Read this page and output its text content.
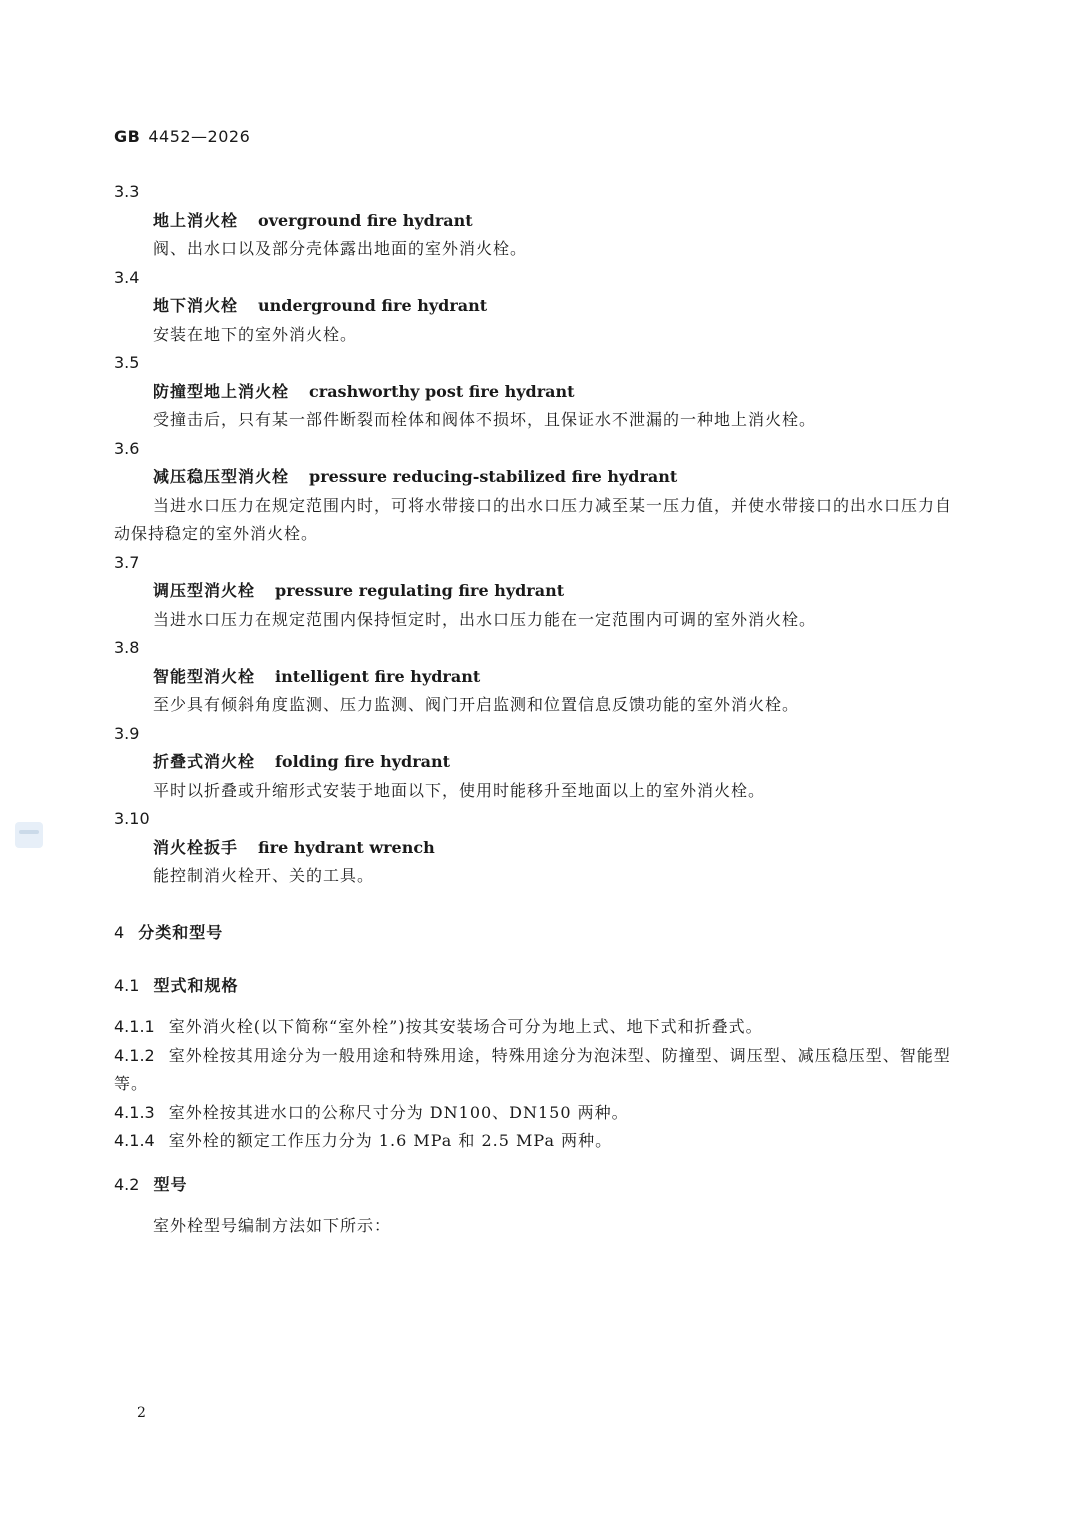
GB 4452—2026
3.3
地上消火栓 overground fire hydrant

阀、出水口以及部分壳体露出地面的室外消火栓。

3.4
地下消火栓 underground fire hydrant

安装在地下的室外消火栓。

3.5
防撞型地上消火栓 crashworthy post fire hydrant

受撞击后，只有某一部件断裂而栓体和阀体不损坏，且保证水不泄漏的一种地上消火栓。

3.6
减压稳压型消火栓 pressure reducing-stabilized fire hydrant

当进水口压力在规定范围内时，可将水带接口的出水口压力减至某一压力值，并使水带接口的出水口压力自动保持稳定的室外消火栓。

3.7
调压型消火栓 pressure regulating fire hydrant

当进水口压力在规定范围内保持恒定时，出水口压力能在一定范围内可调的室外消火栓。

3.8
智能型消火栓 intelligent fire hydrant

至少具有倾斜角度监测、压力监测、阀门开启监测和位置信息反馈功能的室外消火栓。

3.9
折叠式消火栓 folding fire hydrant

平时以折叠或升缩形式安装于地面以下，使用时能移升至地面以上的室外消火栓。

3.10
消火栓扳手 fire hydrant wrench

能控制消火栓开、关的工具。

4 分类和型号
4.1 型式和规格

4.1.1 室外消火栓(以下简称“室外栓”)按其安装场合可分为地上式、地下式和折叠式。

4.1.2 室外栓按其用途分为一般用途和特殊用途，特殊用途分为泡沫型、防撞型、调压型、减压稳压型、智能型等。

4.1.3 室外栓按其进水口的公称尺寸分为 DN100、DN150 两种。

4.1.4 室外栓的额定工作压力分为 1.6 MPa 和 2.5 MPa 两种。

4.2 型号

室外栓型号编制方法如下所示：

2
